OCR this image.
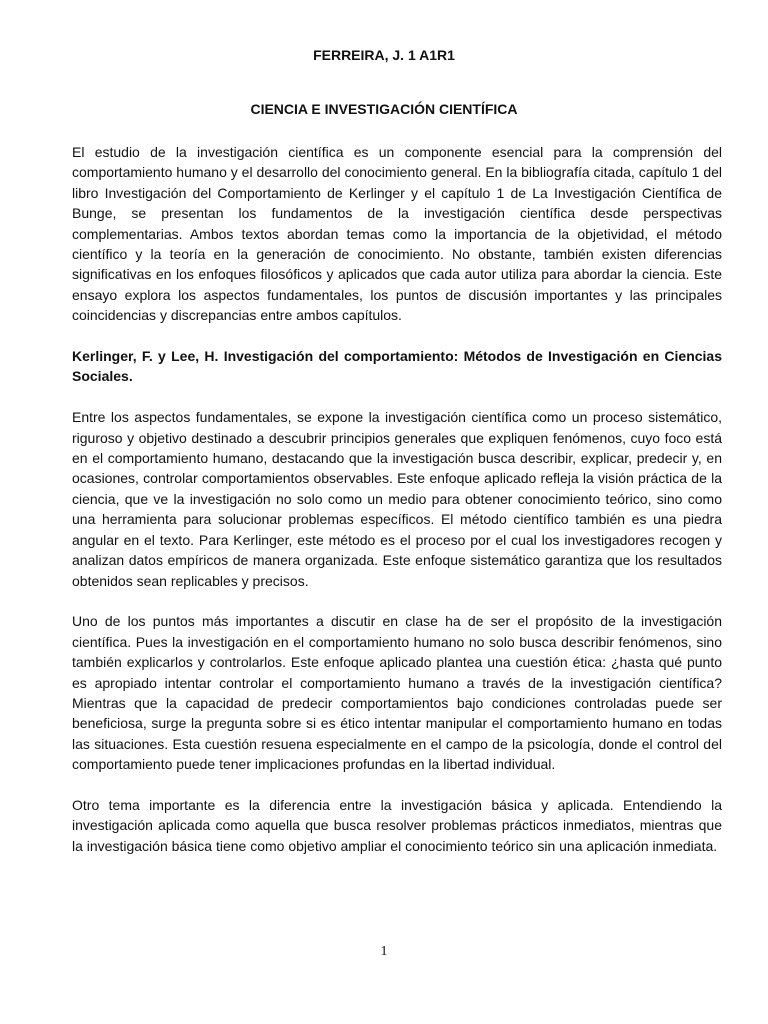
FERREIRA, J. 1 A1R1
CIENCIA E INVESTIGACIÓN CIENTÍFICA

El estudio de la investigación científica es un componente esencial para la comprensión del comportamiento humano y el desarrollo del conocimiento general. En la bibliografía citada, capítulo 1 del libro Investigación del Comportamiento de Kerlinger y el capítulo 1 de La Investigación Científica de Bunge, se presentan los fundamentos de la investigación científica desde perspectivas complementarias. Ambos textos abordan temas como la importancia de la objetividad, el método científico y la teoría en la generación de conocimiento. No obstante, también existen diferencias significativas en los enfoques filosóficos y aplicados que cada autor utiliza para abordar la ciencia. Este ensayo explora los aspectos fundamentales, los puntos de discusión importantes y las principales coincidencias y discrepancias entre ambos capítulos.

Kerlinger, F. y Lee, H. Investigación del comportamiento: Métodos de Investigación en Ciencias Sociales.

Entre los aspectos fundamentales, se expone la investigación científica como un proceso sistemático, riguroso y objetivo destinado a descubrir principios generales que expliquen fenómenos, cuyo foco está en el comportamiento humano, destacando que la investigación busca describir, explicar, predecir y, en ocasiones, controlar comportamientos observables. Este enfoque aplicado refleja la visión práctica de la ciencia, que ve la investigación no solo como un medio para obtener conocimiento teórico, sino como una herramienta para solucionar problemas específicos. El método científico también es una piedra angular en el texto. Para Kerlinger, este método es el proceso por el cual los investigadores recogen y analizan datos empíricos de manera organizada. Este enfoque sistemático garantiza que los resultados obtenidos sean replicables y precisos.

Uno de los puntos más importantes a discutir en clase ha de ser el propósito de la investigación científica. Pues la investigación en el comportamiento humano no solo busca describir fenómenos, sino también explicarlos y controlarlos. Este enfoque aplicado plantea una cuestión ética: ¿hasta qué punto es apropiado intentar controlar el comportamiento humano a través de la investigación científica? Mientras que la capacidad de predecir comportamientos bajo condiciones controladas puede ser beneficiosa, surge la pregunta sobre si es ético intentar manipular el comportamiento humano en todas las situaciones. Esta cuestión resuena especialmente en el campo de la psicología, donde el control del comportamiento puede tener implicaciones profundas en la libertad individual.

Otro tema importante es la diferencia entre la investigación básica y aplicada. Entendiendo la investigación aplicada como aquella que busca resolver problemas prácticos inmediatos, mientras que la investigación básica tiene como objetivo ampliar el conocimiento teórico sin una aplicación inmediata.

1
